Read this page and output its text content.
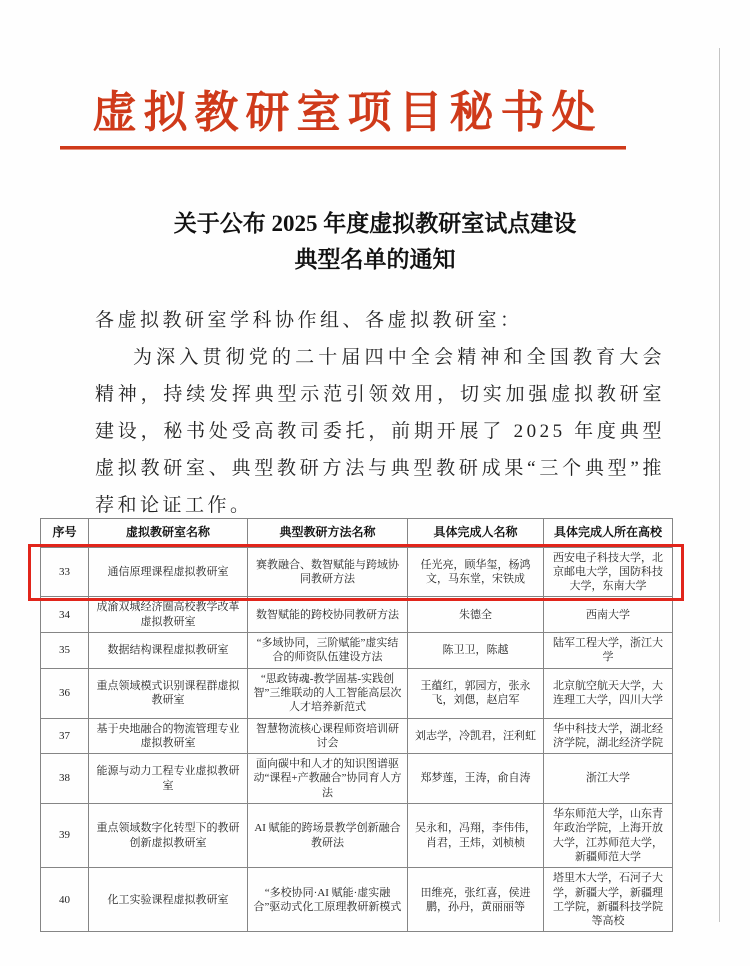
虚拟教研室项目秘书处
关于公布 2025 年度虚拟教研室试点建设
典型名单的通知

各虚拟教研室学科协作组、各虚拟教研室：

为深入贯彻党的二十届四中全会精神和全国教育大会精神，持续发挥典型示范引领效用，切实加强虚拟教研室建设，秘书处受高教司委托，前期开展了 2025 年度典型虚拟教研室、典型教研方法与典型教研成果“三个典型”推荐和论证工作。

序号	虚拟教研室名称	典型教研方法名称	具体完成人名称	具体完成人所在高校
33	通信原理课程虚拟教研室	赛教融合、数智赋能与跨域协同教研方法	任光亮，顾华玺，杨鸿文，马东堂，宋铁成	西安电子科技大学，北京邮电大学，国防科技大学，东南大学
34	成渝双城经济圈高校教学改革虚拟教研室	数智赋能的跨校协同教研方法	朱德全	西南大学
35	数据结构课程虚拟教研室	“多域协同，三阶赋能”虚实结合的师资队伍建设方法	陈卫卫，陈越	陆军工程大学，浙江大学
36	重点领域模式识别课程群虚拟教研室	“思政铸魂-教学固基-实践创智”三维联动的人工智能高层次人才培养新范式	王蕴红，郭园方，张永飞，刘偲，赵启军	北京航空航天大学，大连理工大学，四川大学
37	基于央地融合的物流管理专业虚拟教研室	智慧物流核心课程师资培训研讨会	刘志学，冷凯君，汪利虹	华中科技大学，湖北经济学院，湖北经济学院
38	能源与动力工程专业虚拟教研室	面向碳中和人才的知识图谱驱动“课程+产教融合”协同育人方法	郑梦莲，王涛，俞自涛	浙江大学
39	重点领域数字化转型下的教研创新虚拟教研室	AI 赋能的跨场景教学创新融合教研法	吴永和，冯翔，李伟伟，肖君，王炜，刘桢桢	华东师范大学，山东青年政治学院，上海开放大学，江苏师范大学，新疆师范大学
40	化工实验课程虚拟教研室	“多校协同·AI 赋能·虚实融合”驱动式化工原理教研新模式	田维亮，张红喜，侯进鹏，孙丹，黄丽丽等	塔里木大学，石河子大学，新疆大学，新疆理工学院，新疆科技学院等高校
